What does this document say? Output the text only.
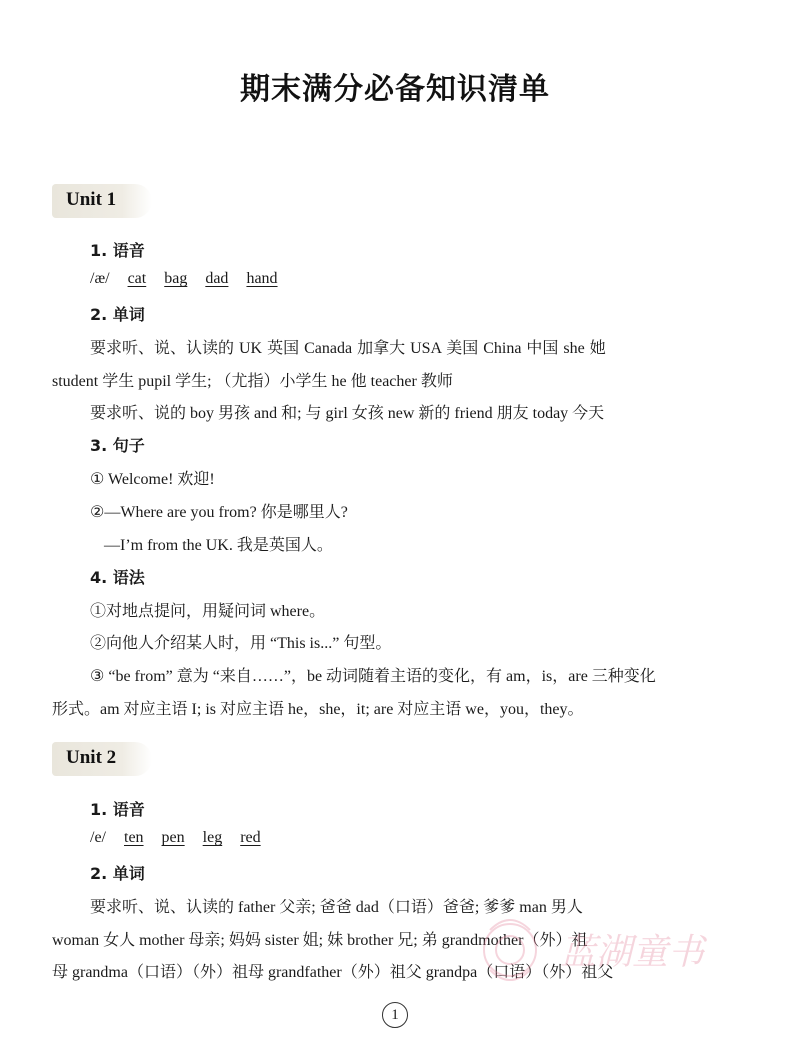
期末满分必备知识清单
Unit 1
1. 语音
/æ/ cat bag dad hand
2. 单词
要求听、说、认读的 UK 英国 Canada 加拿大 USA 美国 China 中国 she 她
student 学生 pupil 学生; （尤指）小学生 he 他 teacher 教师
要求听、说的 boy 男孩 and 和; 与 girl 女孩 new 新的 friend 朋友 today 今天
3. 句子
① Welcome! 欢迎!
②—Where are you from? 你是哪里人?
—I’m from the UK. 我是英国人。
4. 语法
①对地点提问，用疑问词 where。
②向他人介绍某人时，用 “This is...” 句型。
③ “be from” 意为 “来自……”，be 动词随着主语的变化，有 am，is，are 三种变化
形式。am 对应主语 I; is 对应主语 he，she，it; are 对应主语 we，you，they。
Unit 2
1. 语音
/e/ ten pen leg red
2. 单词
要求听、说、认读的 father 父亲; 爸爸 dad（口语）爸爸; 爹爹 man 男人
woman 女人 mother 母亲; 妈妈 sister 姐; 妹 brother 兄; 弟 grandmother（外）祖
母 grandma（口语）（外）祖母 grandfather（外）祖父 grandpa（口语）（外）祖父
蓝湖童书
1
